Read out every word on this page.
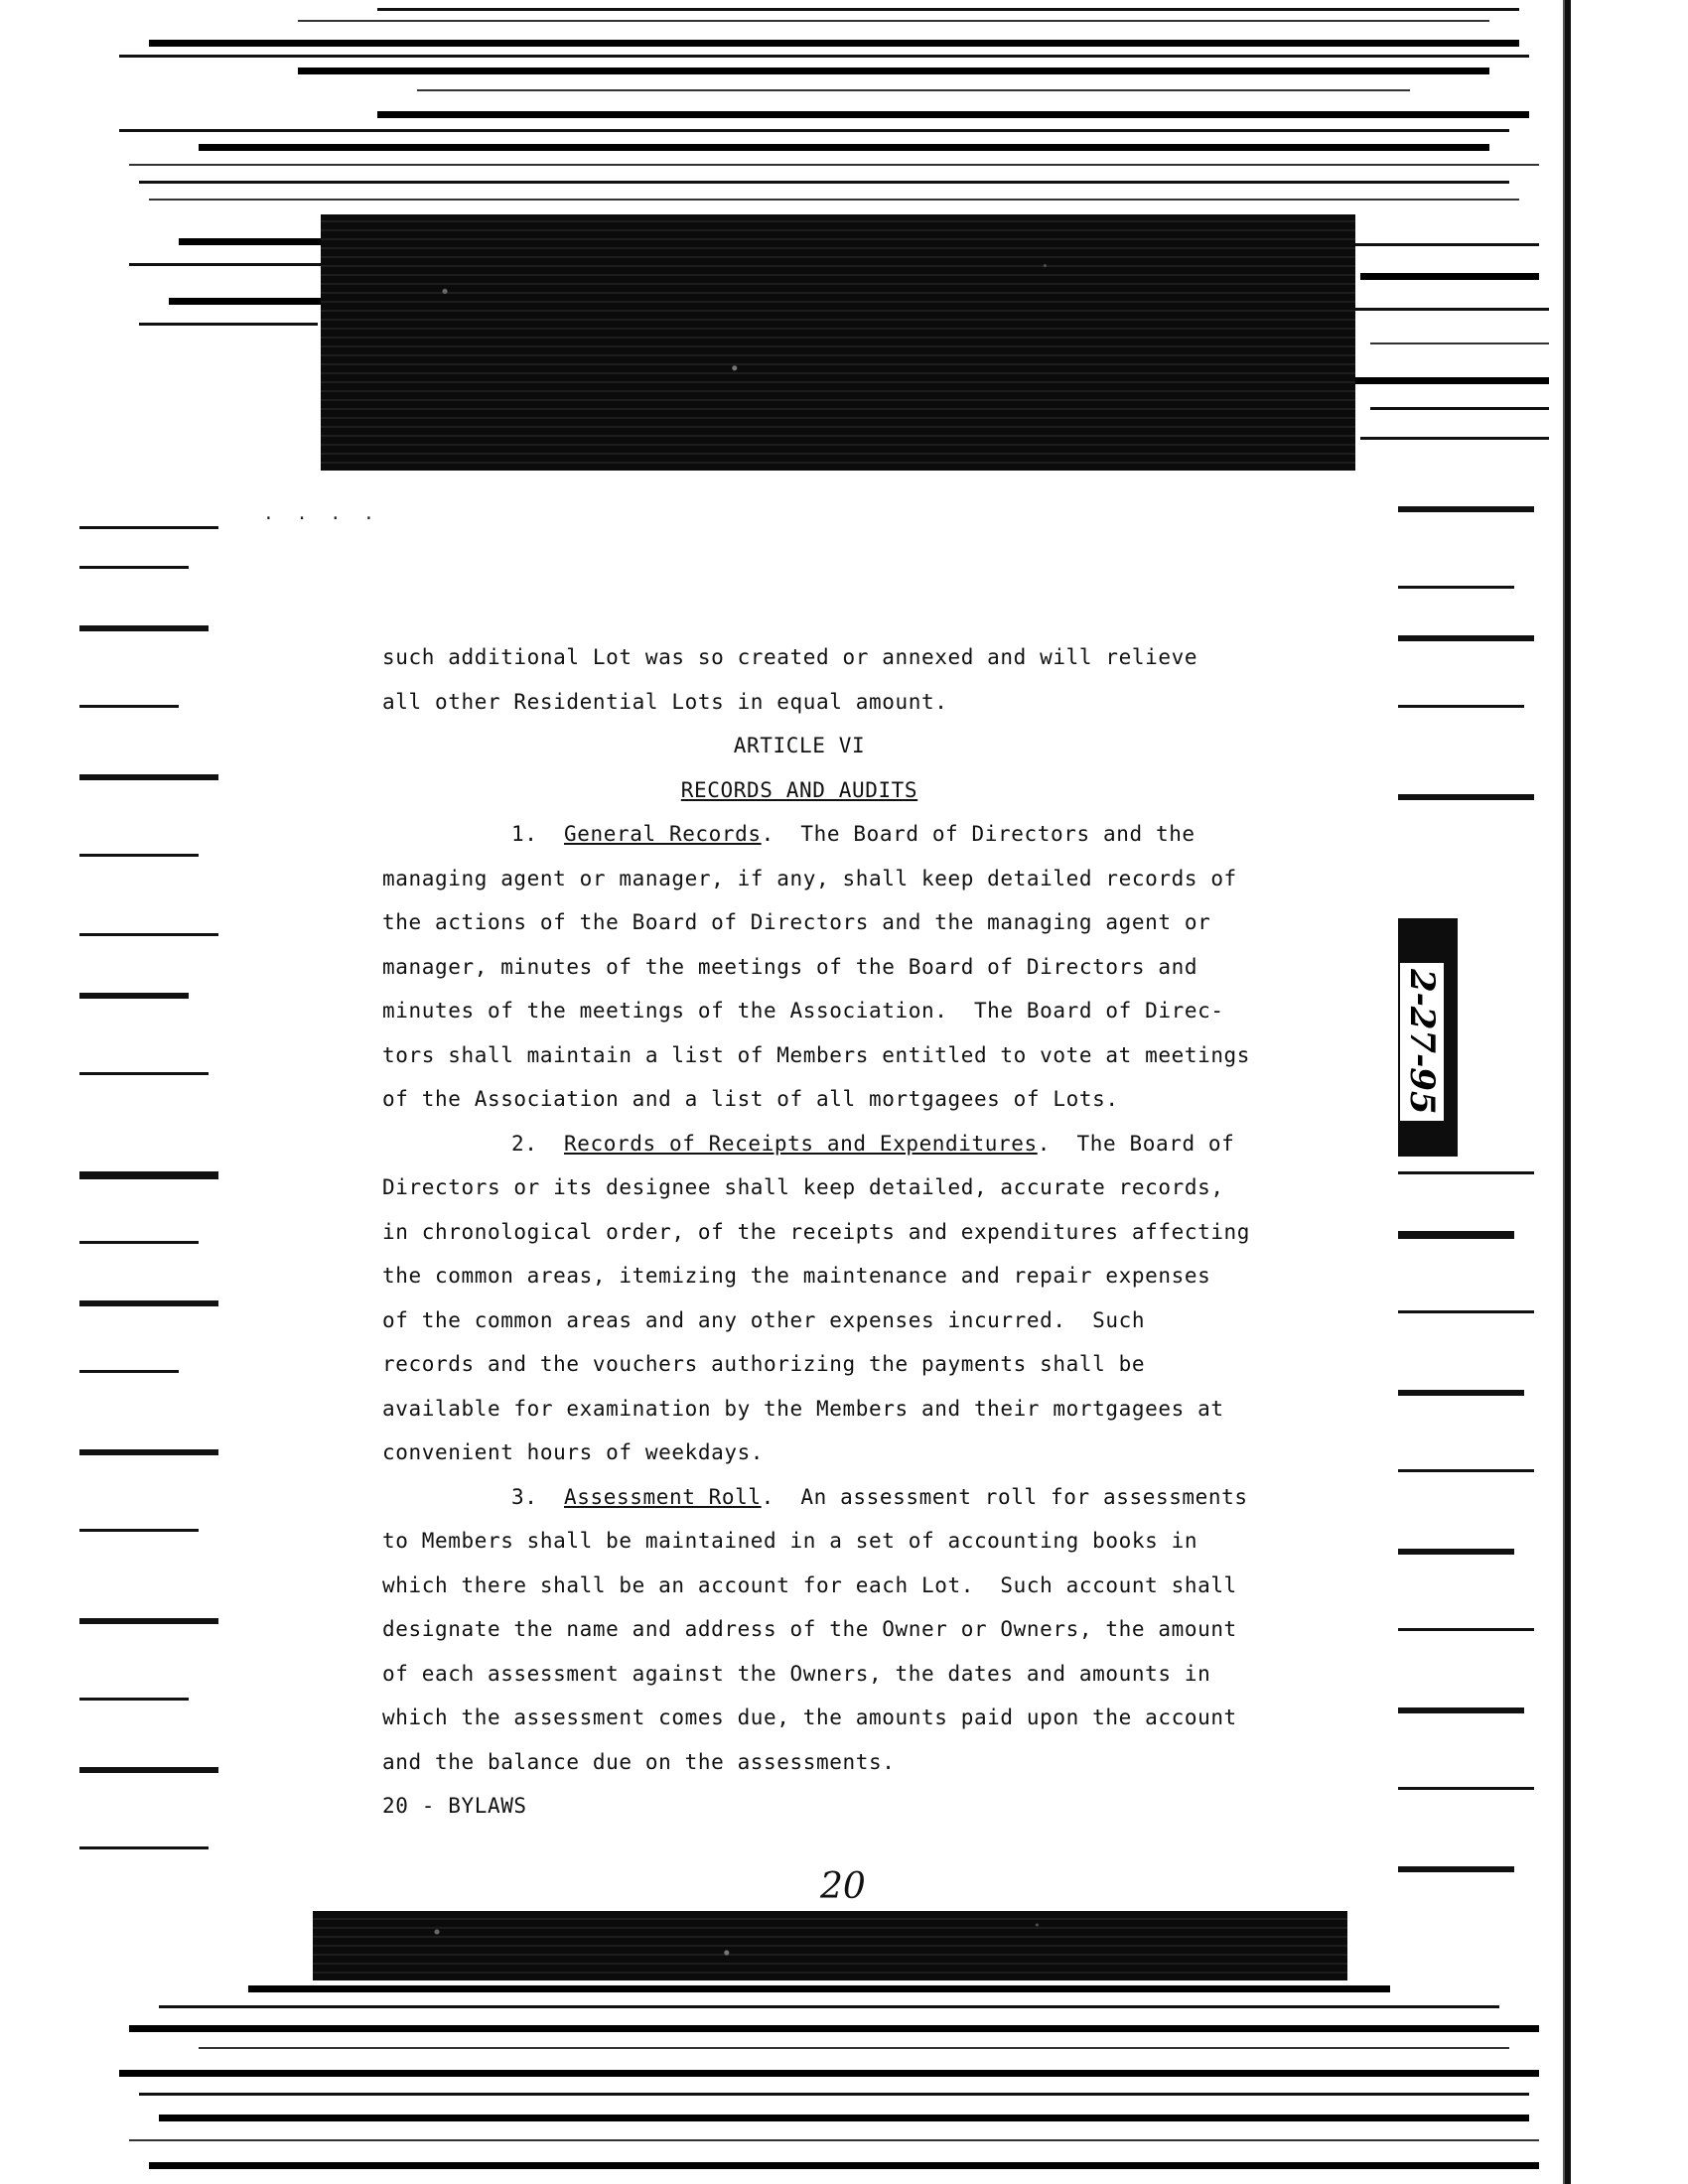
· · · ·
2-27-95
such additional Lot was so created or annexed and will relieve
all other Residential Lots in equal amount.
ARTICLE VI
RECORDS AND AUDITS
1. General Records.  The Board of Directors and the
managing agent or manager, if any, shall keep detailed records of
the actions of the Board of Directors and the managing agent or
manager, minutes of the meetings of the Board of Directors and
minutes of the meetings of the Association.  The Board of Direc-
tors shall maintain a list of Members entitled to vote at meetings
of the Association and a list of all mortgagees of Lots.
2. Records of Receipts and Expenditures.  The Board of
Directors or its designee shall keep detailed, accurate records,
in chronological order, of the receipts and expenditures affecting
the common areas, itemizing the maintenance and repair expenses
of the common areas and any other expenses incurred.  Such
records and the vouchers authorizing the payments shall be
available for examination by the Members and their mortgagees at
convenient hours of weekdays.
3. Assessment Roll.  An assessment roll for assessments
to Members shall be maintained in a set of accounting books in
which there shall be an account for each Lot.  Such account shall
designate the name and address of the Owner or Owners, the amount
of each assessment against the Owners, the dates and amounts in
which the assessment comes due, the amounts paid upon the account
and the balance due on the assessments.
20 - BYLAWS
20
